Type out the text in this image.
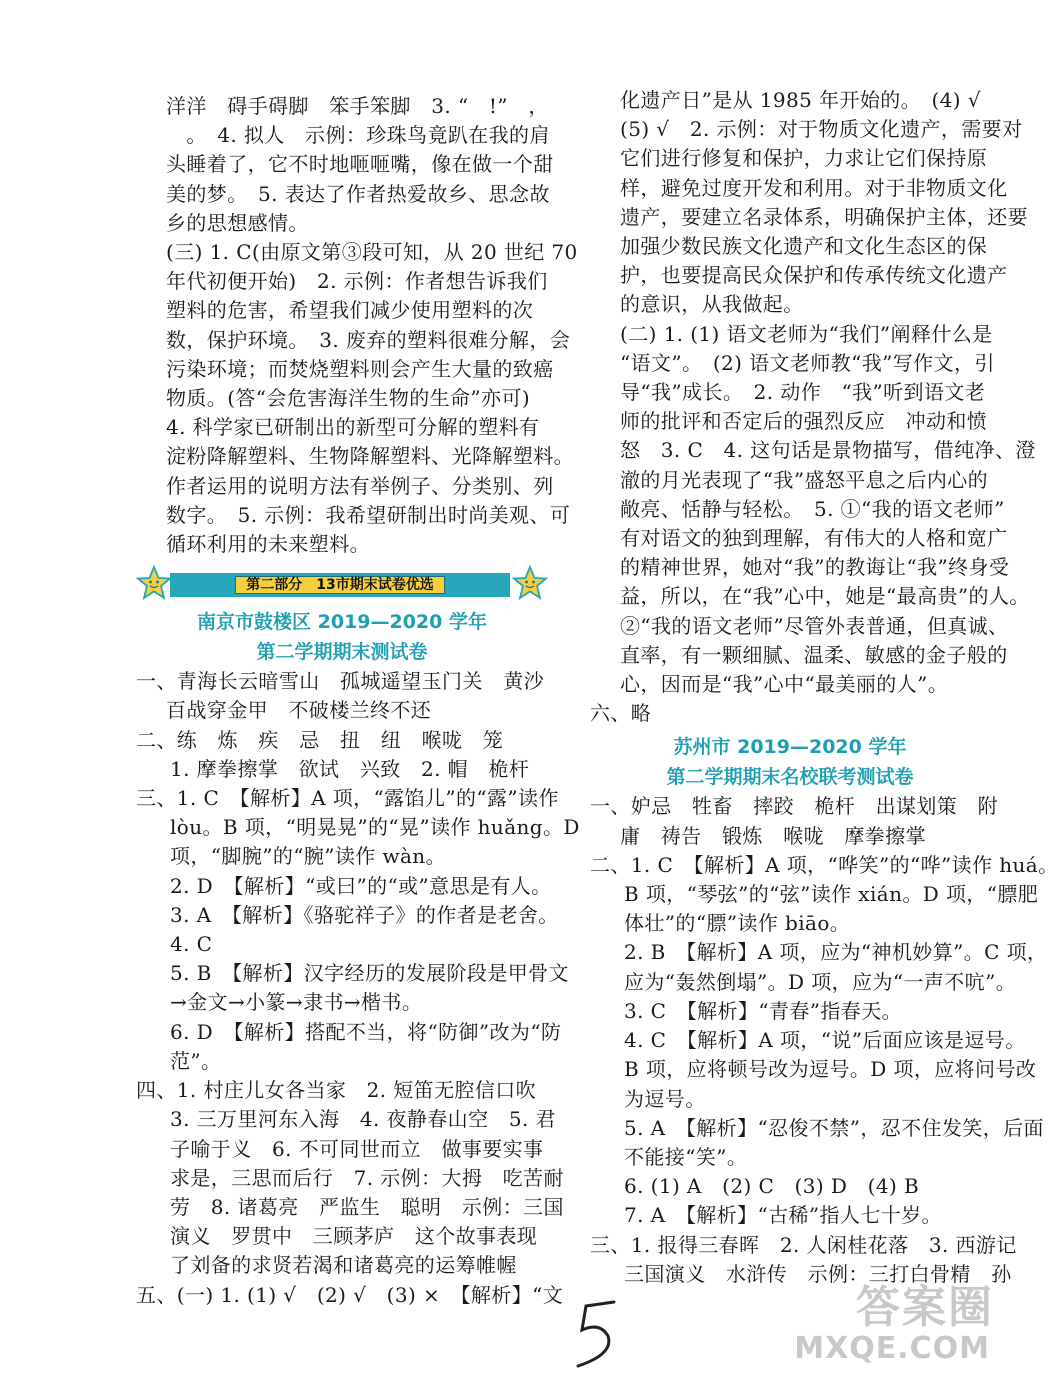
洋洋　碍手碍脚　笨手笨脚　3. “　!”　，
　。　4. 拟人　示例：珍珠鸟竟趴在我的肩
头睡着了，它不时地咂咂嘴，像在做一个甜
美的梦。　5. 表达了作者热爱故乡、思念故
乡的思想感情。
(三) 1. C(由原文第③段可知，从 20 世纪 70
年代初便开始)　2. 示例：作者想告诉我们
塑料的危害，希望我们减少使用塑料的次
数，保护环境。　3. 废弃的塑料很难分解，会
污染环境；而焚烧塑料则会产生大量的致癌
物质。(答“会危害海洋生物的生命”亦可)
4. 科学家已研制出的新型可分解的塑料有
淀粉降解塑料、生物降解塑料、光降解塑料。
作者运用的说明方法有举例子、分类别、列
数字。　5. 示例：我希望研制出时尚美观、可
循环利用的未来塑料。
第二部分　13市期末试卷优选
南京市鼓楼区 2019—2020 学年
第二学期期末测试卷
一、青海长云暗雪山　孤城遥望玉门关　黄沙
百战穿金甲　不破楼兰终不还
二、练　炼　疾　忌　扭　纽　喉咙　笼
1. 摩拳擦掌　欲试　兴致　2. 帽　桅杆
三、1. C　【解析】A 项，“露馅儿”的“露”读作
lòu。B 项，“明晃晃”的“晃”读作 huǎng。D
项，“脚腕”的“腕”读作 wàn。
2. D　【解析】“或曰”的“或”意思是有人。
3. A　【解析】《骆驼祥子》的作者是老舍。
4. C
5. B　【解析】汉字经历的发展阶段是甲骨文
→金文→小篆→隶书→楷书。
6. D　【解析】搭配不当，将“防御”改为“防
范”。
四、1. 村庄儿女各当家　2. 短笛无腔信口吹
3. 三万里河东入海　4. 夜静春山空　5. 君
子喻于义　6. 不可同世而立　做事要实事
求是，三思而后行　7. 示例：大拇　吃苦耐
劳　8. 诸葛亮　严监生　聪明　示例：三国
演义　罗贯中　三顾茅庐　这个故事表现
了刘备的求贤若渴和诸葛亮的运筹帷幄
五、(一) 1. (1) √　(2) √　(3) ×　【解析】“文
化遗产日”是从 1985 年开始的。　(4) √
(5) √　2. 示例：对于物质文化遗产，需要对
它们进行修复和保护，力求让它们保持原
样，避免过度开发和利用。对于非物质文化
遗产，要建立名录体系，明确保护主体，还要
加强少数民族文化遗产和文化生态区的保
护，也要提高民众保护和传承传统文化遗产
的意识，从我做起。
(二) 1. (1) 语文老师为“我们”阐释什么是
“语文”。　(2) 语文老师教“我”写作文，引
导“我”成长。　2. 动作　“我”听到语文老
师的批评和否定后的强烈反应　冲动和愤
怒　3. C　4. 这句话是景物描写，借纯净、澄
澈的月光表现了“我”盛怒平息之后内心的
敞亮、恬静与轻松。　5. ①“我的语文老师”
有对语文的独到理解，有伟大的人格和宽广
的精神世界，她对“我”的教诲让“我”终身受
益，所以，在“我”心中，她是“最高贵”的人。
②“我的语文老师”尽管外表普通，但真诚、
直率，有一颗细腻、温柔、敏感的金子般的
心，因而是“我”心中“最美丽的人”。
六、略
苏州市 2019—2020 学年
第二学期期末名校联考测试卷
一、妒忌　牲畜　摔跤　桅杆　出谋划策　附
庸　祷告　锻炼　喉咙　摩拳擦掌
二、1. C　【解析】A 项，“哗笑”的“哗”读作 huá。
B 项，“琴弦”的“弦”读作 xián。D 项，“膘肥
体壮”的“膘”读作 biāo。
2. B　【解析】A 项，应为“神机妙算”。C 项，
应为“轰然倒塌”。D 项，应为“一声不吭”。
3. C　【解析】“青春”指春天。
4. C　【解析】A 项，“说”后面应该是逗号。
B 项，应将顿号改为逗号。D 项，应将问号改
为逗号。
5. A　【解析】“忍俊不禁”，忍不住发笑，后面
不能接“笑”。
6. (1) A　(2) C　(3) D　(4) B
7. A　【解析】“古稀”指人七十岁。
三、1. 报得三春晖　2. 人闲桂花落　3. 西游记
三国演义　水浒传　示例：三打白骨精　孙
5
答案圈
MXQE.COM
